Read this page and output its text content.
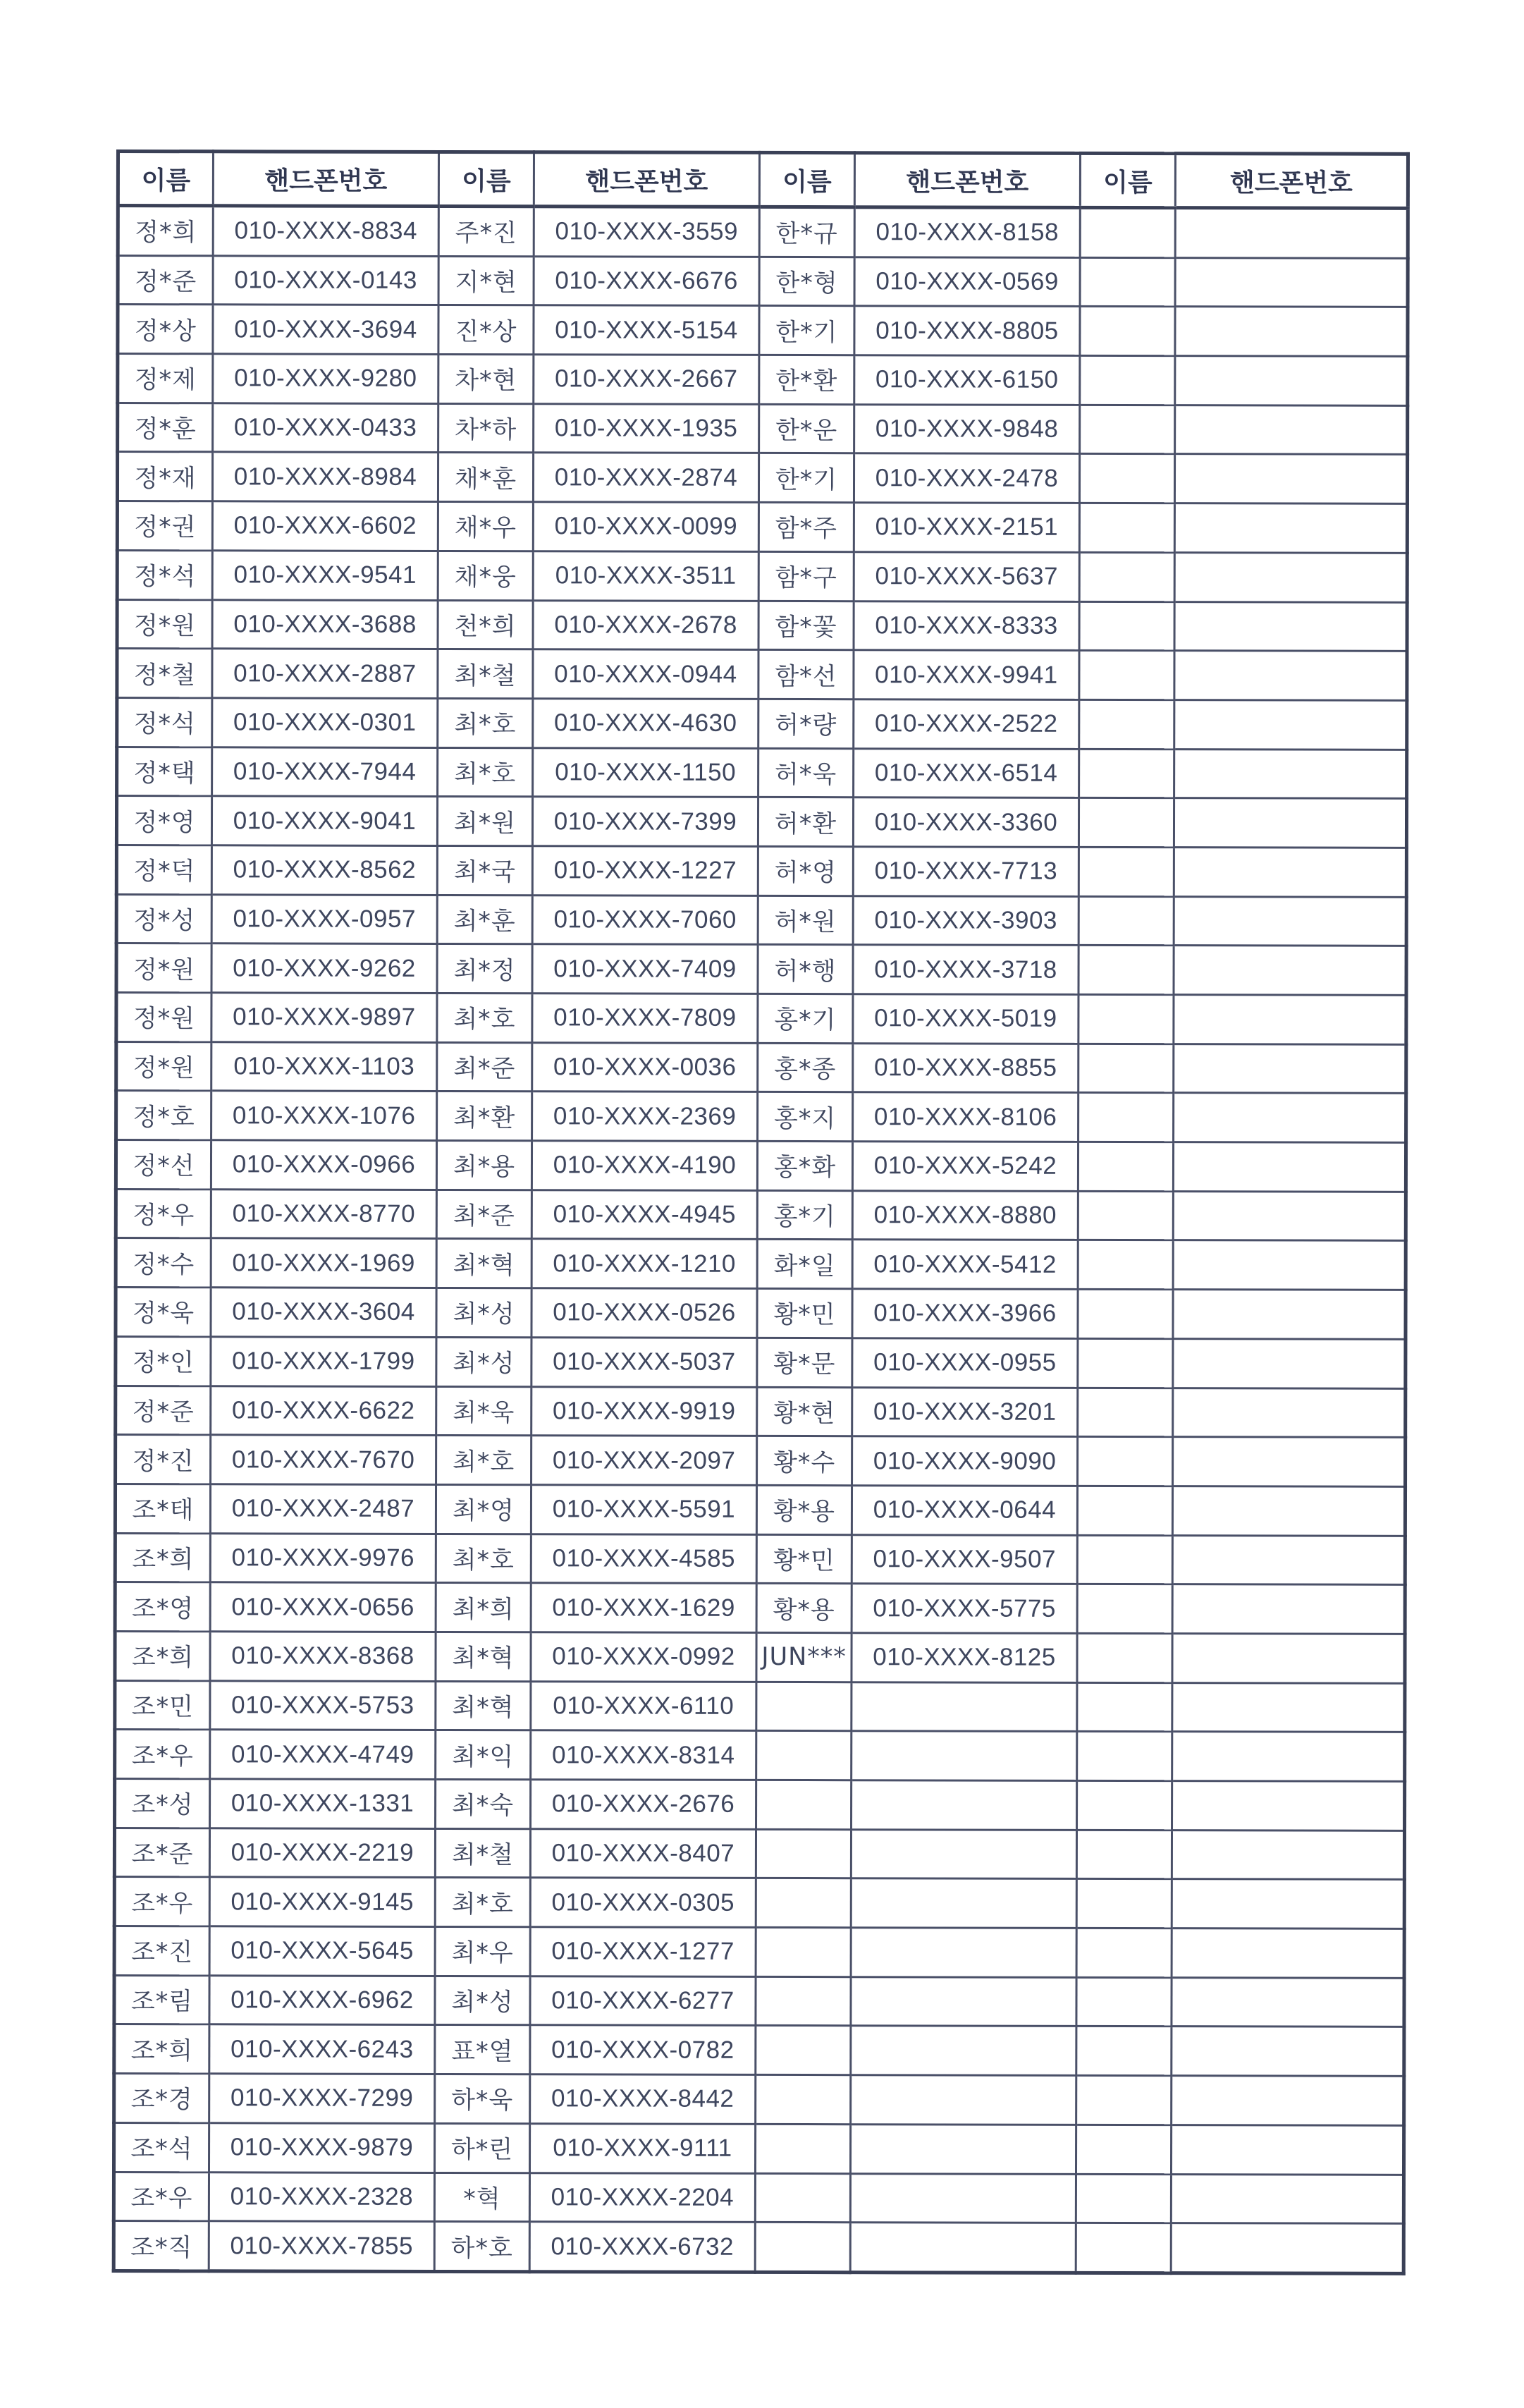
이름	핸드폰번호	이름	핸드폰번호	이름	핸드폰번호	이름	핸드폰번호
정*희	010-XXXX-8834	주*진	010-XXXX-3559	한*규	010-XXXX-8158		
정*준	010-XXXX-0143	지*현	010-XXXX-6676	한*형	010-XXXX-0569		
정*상	010-XXXX-3694	진*상	010-XXXX-5154	한*기	010-XXXX-8805		
정*제	010-XXXX-9280	차*현	010-XXXX-2667	한*환	010-XXXX-6150		
정*훈	010-XXXX-0433	차*하	010-XXXX-1935	한*운	010-XXXX-9848		
정*재	010-XXXX-8984	채*훈	010-XXXX-2874	한*기	010-XXXX-2478		
정*권	010-XXXX-6602	채*우	010-XXXX-0099	함*주	010-XXXX-2151		
정*석	010-XXXX-9541	채*웅	010-XXXX-3511	함*구	010-XXXX-5637		
정*원	010-XXXX-3688	천*희	010-XXXX-2678	함*꽃	010-XXXX-8333		
정*철	010-XXXX-2887	최*철	010-XXXX-0944	함*선	010-XXXX-9941		
정*석	010-XXXX-0301	최*호	010-XXXX-4630	허*량	010-XXXX-2522		
정*택	010-XXXX-7944	최*호	010-XXXX-1150	허*욱	010-XXXX-6514		
정*영	010-XXXX-9041	최*원	010-XXXX-7399	허*환	010-XXXX-3360		
정*덕	010-XXXX-8562	최*국	010-XXXX-1227	허*영	010-XXXX-7713		
정*성	010-XXXX-0957	최*훈	010-XXXX-7060	허*원	010-XXXX-3903		
정*원	010-XXXX-9262	최*정	010-XXXX-7409	허*행	010-XXXX-3718		
정*원	010-XXXX-9897	최*호	010-XXXX-7809	홍*기	010-XXXX-5019		
정*원	010-XXXX-1103	최*준	010-XXXX-0036	홍*종	010-XXXX-8855		
정*호	010-XXXX-1076	최*환	010-XXXX-2369	홍*지	010-XXXX-8106		
정*선	010-XXXX-0966	최*용	010-XXXX-4190	홍*화	010-XXXX-5242		
정*우	010-XXXX-8770	최*준	010-XXXX-4945	홍*기	010-XXXX-8880		
정*수	010-XXXX-1969	최*혁	010-XXXX-1210	화*일	010-XXXX-5412		
정*욱	010-XXXX-3604	최*성	010-XXXX-0526	황*민	010-XXXX-3966		
정*인	010-XXXX-1799	최*성	010-XXXX-5037	황*문	010-XXXX-0955		
정*준	010-XXXX-6622	최*욱	010-XXXX-9919	황*현	010-XXXX-3201		
정*진	010-XXXX-7670	최*호	010-XXXX-2097	황*수	010-XXXX-9090		
조*태	010-XXXX-2487	최*영	010-XXXX-5591	황*용	010-XXXX-0644		
조*희	010-XXXX-9976	최*호	010-XXXX-4585	황*민	010-XXXX-9507		
조*영	010-XXXX-0656	최*희	010-XXXX-1629	황*용	010-XXXX-5775		
조*희	010-XXXX-8368	최*혁	010-XXXX-0992	JUN***	010-XXXX-8125		
조*민	010-XXXX-5753	최*혁	010-XXXX-6110				
조*우	010-XXXX-4749	최*익	010-XXXX-8314				
조*성	010-XXXX-1331	최*숙	010-XXXX-2676				
조*준	010-XXXX-2219	최*철	010-XXXX-8407				
조*우	010-XXXX-9145	최*호	010-XXXX-0305				
조*진	010-XXXX-5645	최*우	010-XXXX-1277				
조*림	010-XXXX-6962	최*성	010-XXXX-6277				
조*희	010-XXXX-6243	표*열	010-XXXX-0782				
조*경	010-XXXX-7299	하*욱	010-XXXX-8442				
조*석	010-XXXX-9879	하*린	010-XXXX-9111				
조*우	010-XXXX-2328	*혁	010-XXXX-2204				
조*직	010-XXXX-7855	하*호	010-XXXX-6732				
